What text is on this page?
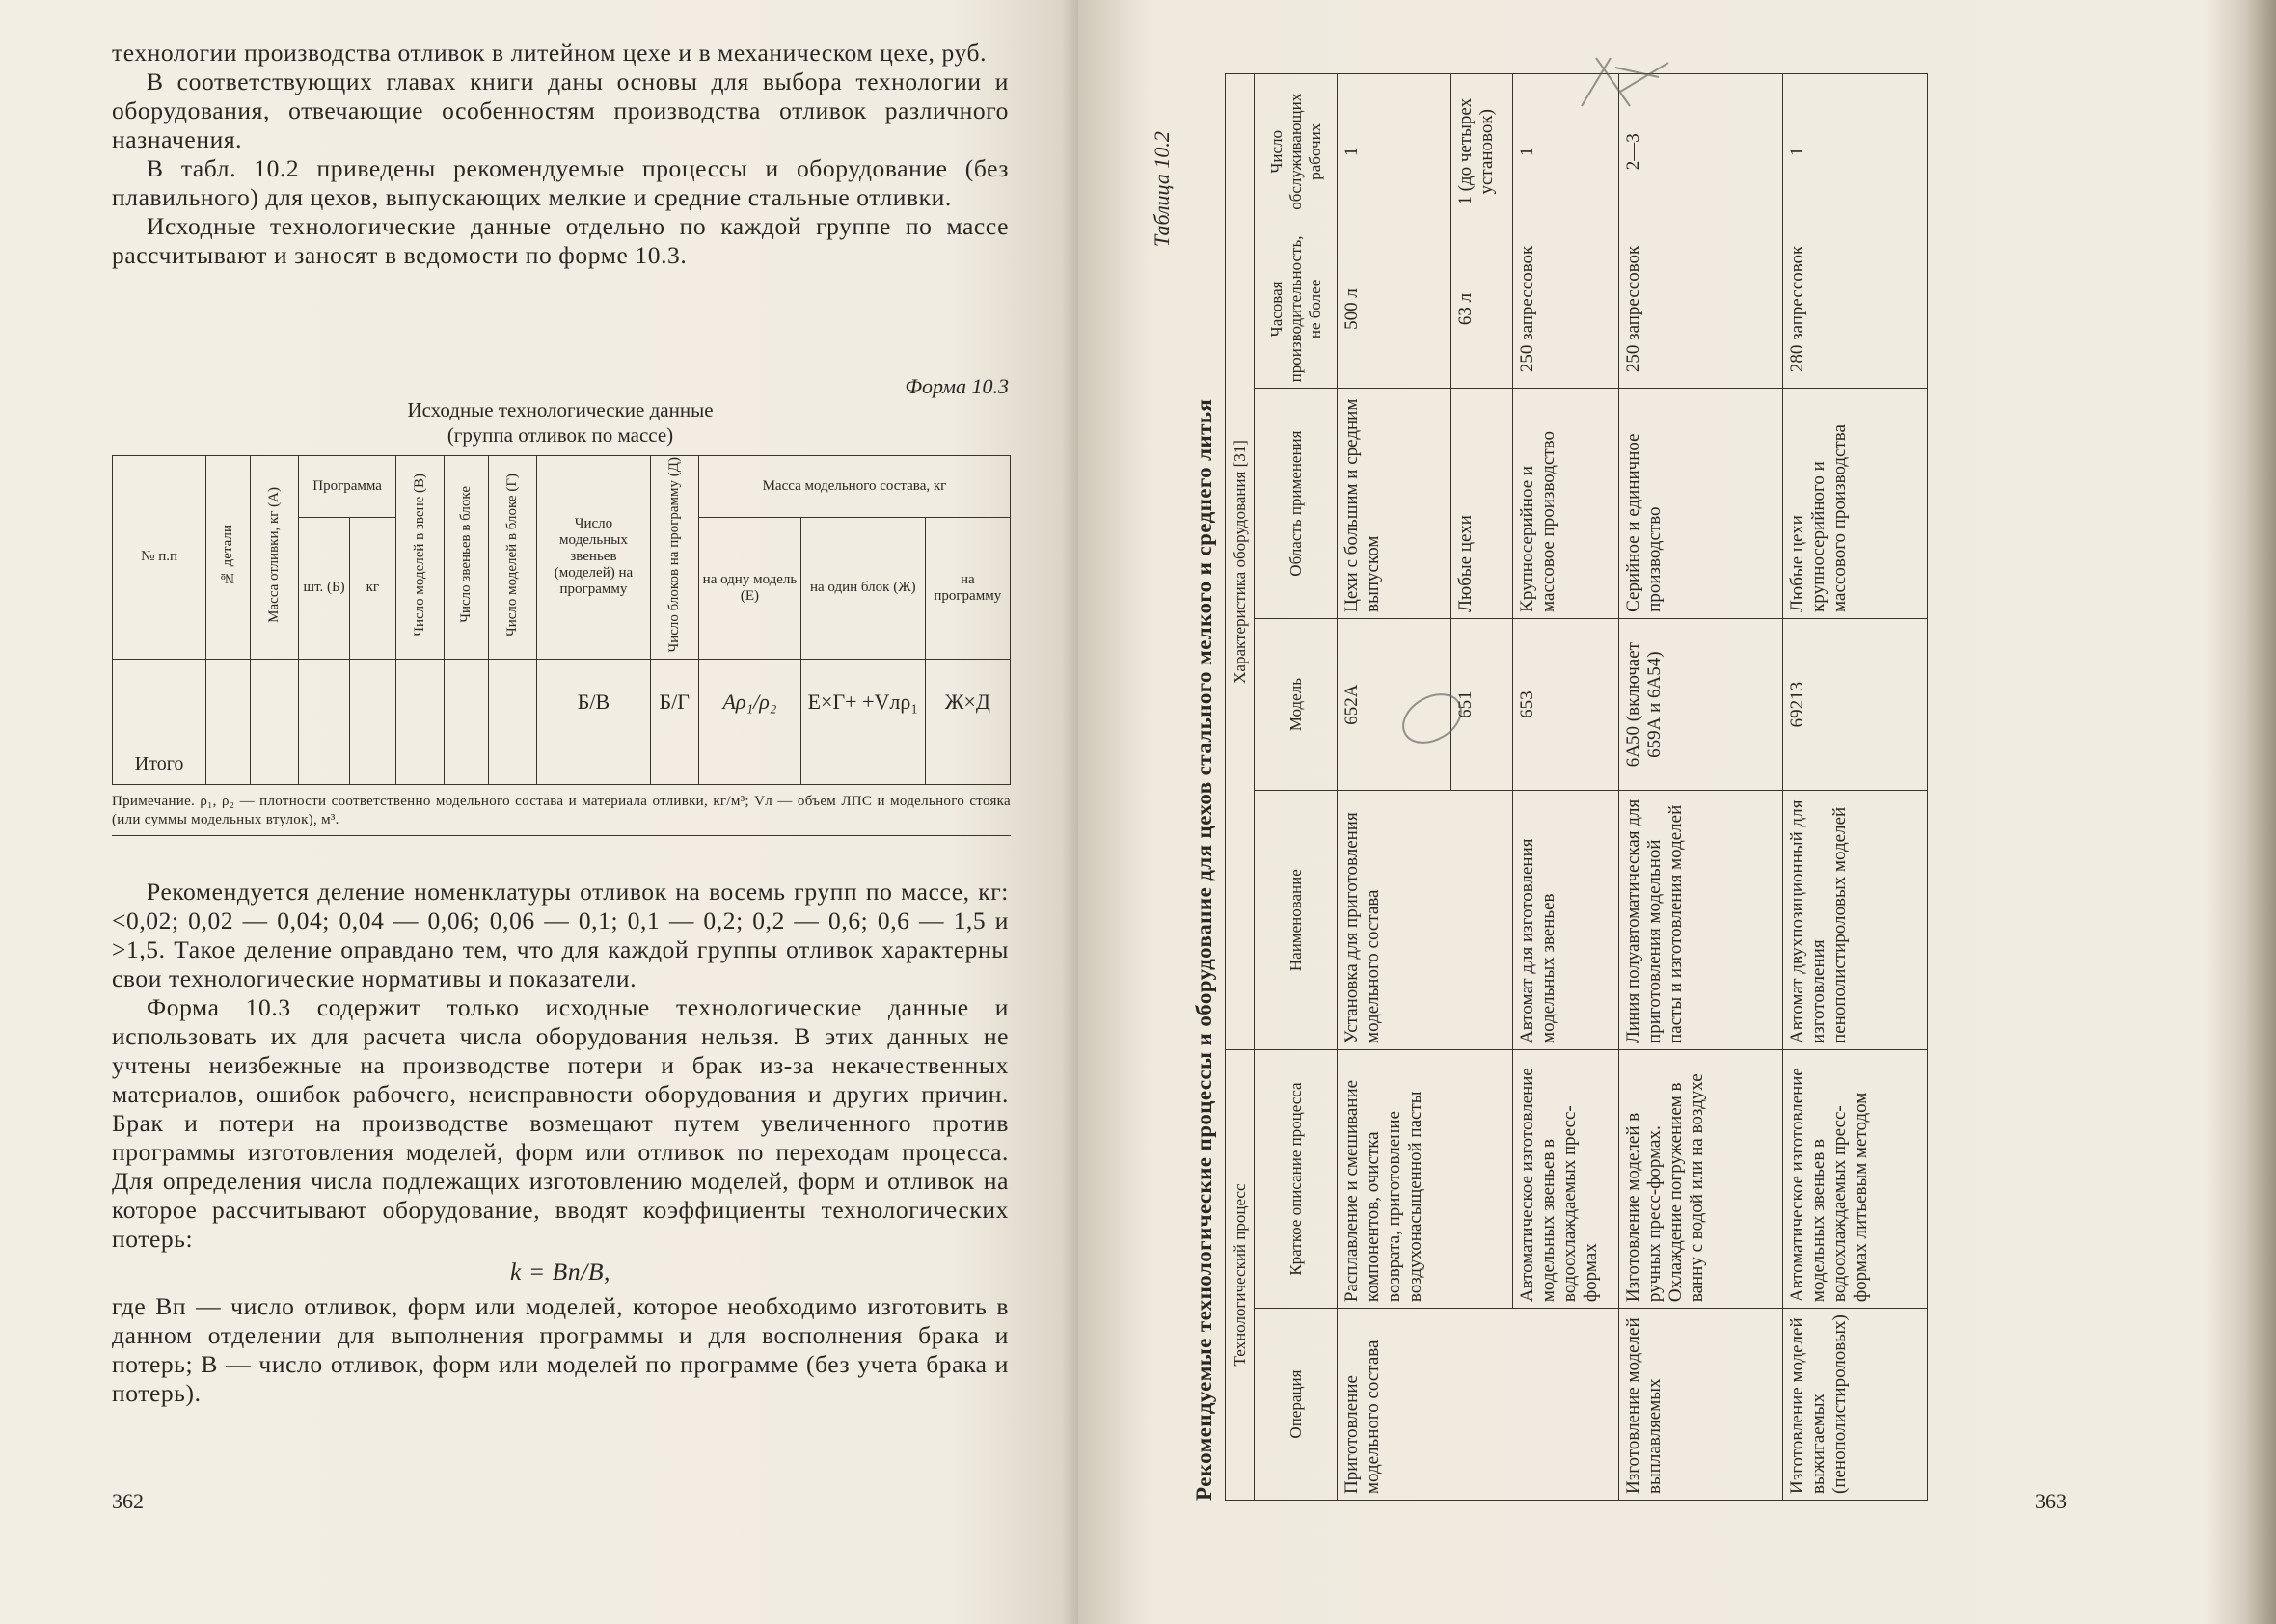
технологии производства отливок в литейном цехе и в механическом цехе, руб.

В соответствующих главах книги даны основы для выбора технологии и оборудования, отвечающие особенностям производства отливок различного назначения.

В табл. 10.2 приведены рекомендуемые процессы и оборудование (без плавильного) для цехов, выпускающих мелкие и средние стальные отливки.

Исходные технологические данные отдельно по каждой группе по массе рассчитывают и заносят в ведомости по форме 10.3.

Форма 10.3
Исходные технологические данные
(группа отливок по массе)
№ п.п	№ детали	Масса отливки, кг (А)	Программа		Число моделей в звене (В)	Число звеньев в блоке	Число моделей в блоке (Г)	Число модельных звеньев (моделей) на программу	Число блоков на программу (Д)	Масса модельного состава, кг		
			шт. (Б)	кг						на одну модель (Е)	на один блок (Ж)	на программу
								Б/В	Б/Г	Aρ₁/ρ₂	Е×Г+ +Vлρ₁	Ж×Д
Итого												
Примечание. ρ₁, ρ₂ — плотности соответственно модельного состава и материала отливки, кг/м³; Vл — объем ЛПС и модельного стояка (или суммы модельных втулок), м³.

Рекомендуется деление номенклатуры отливок на восемь групп по массе, кг: <0,02; 0,02 — 0,04; 0,04 — 0,06; 0,06 — 0,1; 0,1 — 0,2; 0,2 — 0,6; 0,6 — 1,5 и >1,5. Такое деление оправдано тем, что для каждой группы отливок характерны свои технологические нормативы и показатели.

Форма 10.3 содержит только исходные технологические данные и использовать их для расчета числа оборудования нельзя. В этих данных не учтены неизбежные на производстве потери и брак из-за некачественных материалов, ошибок рабочего, неисправности оборудования и других причин. Брак и потери на производстве возмещают путем увеличенного против программы изготовления моделей, форм или отливок по переходам процесса. Для определения числа подлежащих изготовлению моделей, форм и отливок на которое рассчитывают оборудование, вводят коэффициенты технологических потерь:

k = Вп/В,

где Вп — число отливок, форм или моделей, которое необходимо изготовить в данном отделении для выполнения программы и для восполнения брака и потерь; В — число отливок, форм или моделей по программе (без учета брака и потерь).

362
Таблица 10.2
Рекомендуемые технологические процессы и оборудование для цехов стального мелкого и среднего литья Технологический процесс		Характеристика оборудования [31]				
Операция	Краткое описание процесса	Наименование	Модель	Область применения	Часовая производительность, не более	Число обслуживающих рабочих
Приготовление модельного состава	Расплавление и смешивание компонентов, очистка возврата, приготовление воздухонасыщенной пасты	Установка для приготовления модельного состава	652А	Цехи с большим и средним выпуском	500 л	1
			651	Любые цехи	63 л	1 (до четырех установок)
	Автоматическое изготовление модельных звеньев в водоохлаждаемых пресс-формах	Автомат для изготовления модельных звеньев	653	Крупносерийное и массовое производство	250 запрессовок	1
Изготовление моделей выплавляемых	Изготовление моделей в ручных пресс-формах. Охлаждение погружением в ванну с водой или на воздухе	Линия полуавтоматическая для приготовления модельной пасты и изготовления моделей	6А50 (включает 659А и 6А54)	Серийное и единичное производство	250 запрессовок	2—3
Изготовление моделей выжигаемых (пенополистироловых)	Автоматическое изготовление модельных звеньев в водоохлаждаемых пресс-формах литьевым методом	Автомат двухпозиционный для изготовления пенополистироловых моделей	69213	Любые цехи крупносерийного и массового производства	280 запрессовок	1
363
